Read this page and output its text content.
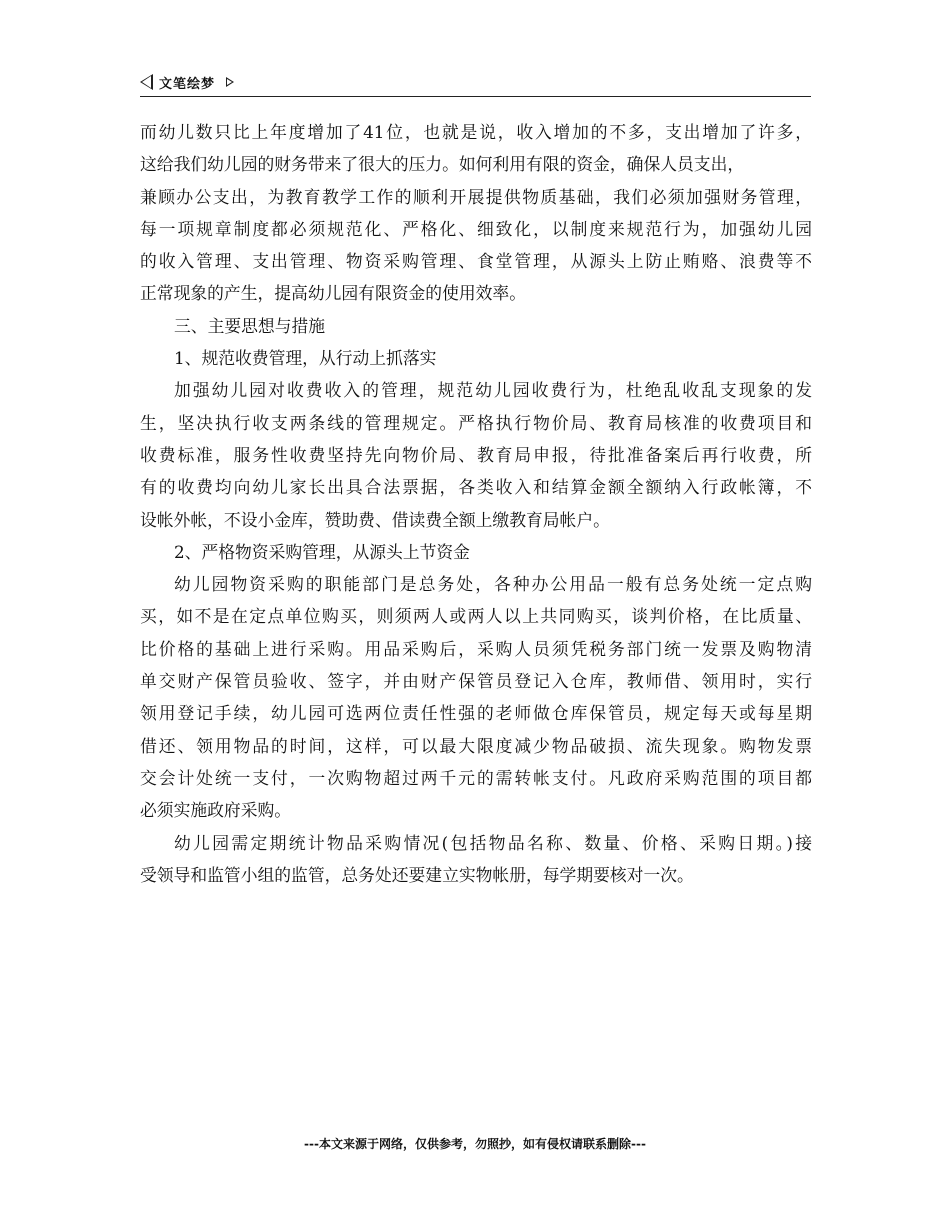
文笔绘梦
而幼儿数只比上年度增加了41位，也就是说，收入增加的不多，支出增加了许多，
这给我们幼儿园的财务带来了很大的压力。如何利用有限的资金，确保人员支出，
兼顾办公支出，为教育教学工作的顺利开展提供物质基础，我们必须加强财务管理，
每一项规章制度都必须规范化、严格化、细致化，以制度来规范行为，加强幼儿园
的收入管理、支出管理、物资采购管理、食堂管理，从源头上防止贿赂、浪费等不
正常现象的产生，提高幼儿园有限资金的使用效率。
三、主要思想与措施
1、规范收费管理，从行动上抓落实
加强幼儿园对收费收入的管理，规范幼儿园收费行为，杜绝乱收乱支现象的发
生，坚决执行收支两条线的管理规定。严格执行物价局、教育局核准的收费项目和
收费标准，服务性收费坚持先向物价局、教育局申报，待批准备案后再行收费，所
有的收费均向幼儿家长出具合法票据，各类收入和结算金额全额纳入行政帐簿，不
设帐外帐，不设小金库，赞助费、借读费全额上缴教育局帐户。
2、严格物资采购管理，从源头上节资金
幼儿园物资采购的职能部门是总务处，各种办公用品一般有总务处统一定点购
买，如不是在定点单位购买，则须两人或两人以上共同购买，谈判价格，在比质量、
比价格的基础上进行采购。用品采购后，采购人员须凭税务部门统一发票及购物清
单交财产保管员验收、签字，并由财产保管员登记入仓库，教师借、领用时，实行
领用登记手续，幼儿园可选两位责任性强的老师做仓库保管员，规定每天或每星期
借还、领用物品的时间，这样，可以最大限度减少物品破损、流失现象。购物发票
交会计处统一支付，一次购物超过两千元的需转帐支付。凡政府采购范围的项目都
必须实施政府采购。
幼儿园需定期统计物品采购情况(包括物品名称、数量、价格、采购日期。)接
受领导和监管小组的监管，总务处还要建立实物帐册，每学期要核对一次。
---本文来源于网络，仅供参考，勿照抄，如有侵权请联系删除---
